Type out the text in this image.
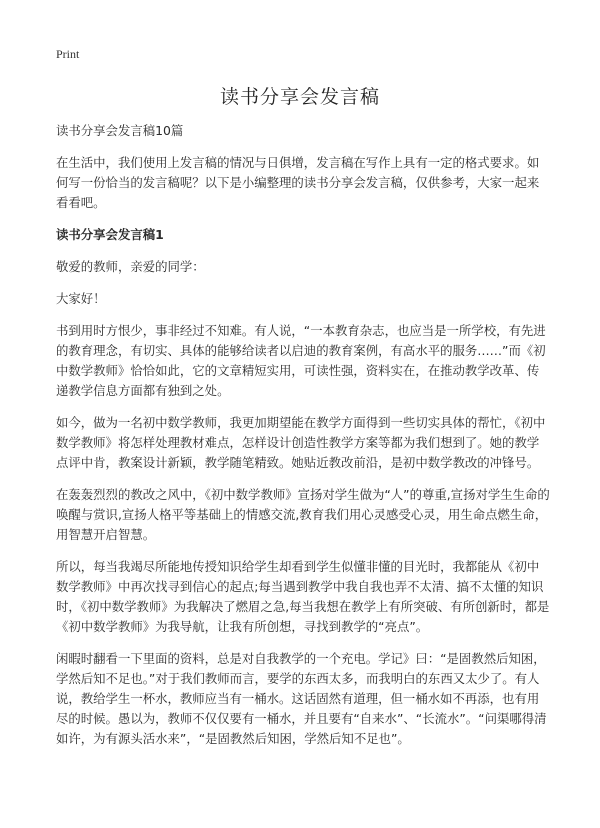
Print
读书分享会发言稿

读书分享会发言稿10篇

在生活中，我们使用上发言稿的情况与日俱增，发言稿在写作上具有一定的格式要求。如何写一份恰当的发言稿呢？以下是小编整理的读书分享会发言稿，仅供参考，大家一起来看看吧。

读书分享会发言稿1

敬爱的教师，亲爱的同学：

大家好！

书到用时方恨少，事非经过不知难。有人说，“一本教育杂志，也应当是一所学校，有先进的教育理念，有切实、具体的能够给读者以启迪的教育案例，有高水平的服务……”而《初中数学教师》恰恰如此，它的文章精短实用，可读性强，资料实在，在推动教学改革、传递教学信息方面都有独到之处。

如今，做为一名初中数学教师，我更加期望能在教学方面得到一些切实具体的帮忙，《初中数学教师》将怎样处理教材难点，怎样设计创造性教学方案等都为我们想到了。她的教学点评中肯，教案设计新颖，教学随笔精致。她贴近教改前沿，是初中数学教改的冲锋号。

在轰轰烈烈的教改之风中，《初中数学教师》宣扬对学生做为“人”的尊重,宣扬对学生生命的唤醒与赏识,宣扬人格平等基础上的情感交流,教育我们用心灵感受心灵，用生命点燃生命，用智慧开启智慧。

所以，每当我竭尽所能地传授知识给学生却看到学生似懂非懂的目光时，我都能从《初中数学教师》中再次找寻到信心的起点;每当遇到教学中我自我也弄不太清、搞不太懂的知识时，《初中数学教师》为我解决了燃眉之急,每当我想在教学上有所突破、有所创新时，都是《初中数学教师》为我导航，让我有所创想，寻找到教学的“亮点”。

闲暇时翻看一下里面的资料，总是对自我教学的一个充电。学记》曰：“是固教然后知困，学然后知不足也。”对于我们教师而言，要学的东西太多，而我明白的东西又太少了。有人说，教给学生一杯水，教师应当有一桶水。这话固然有道理，但一桶水如不再添，也有用尽的时候。愚以为，教师不仅仅要有一桶水，并且要有“自来水”、“长流水”。“问渠哪得清如许，为有源头活水来”，“是固教然后知困，学然后知不足也”。
